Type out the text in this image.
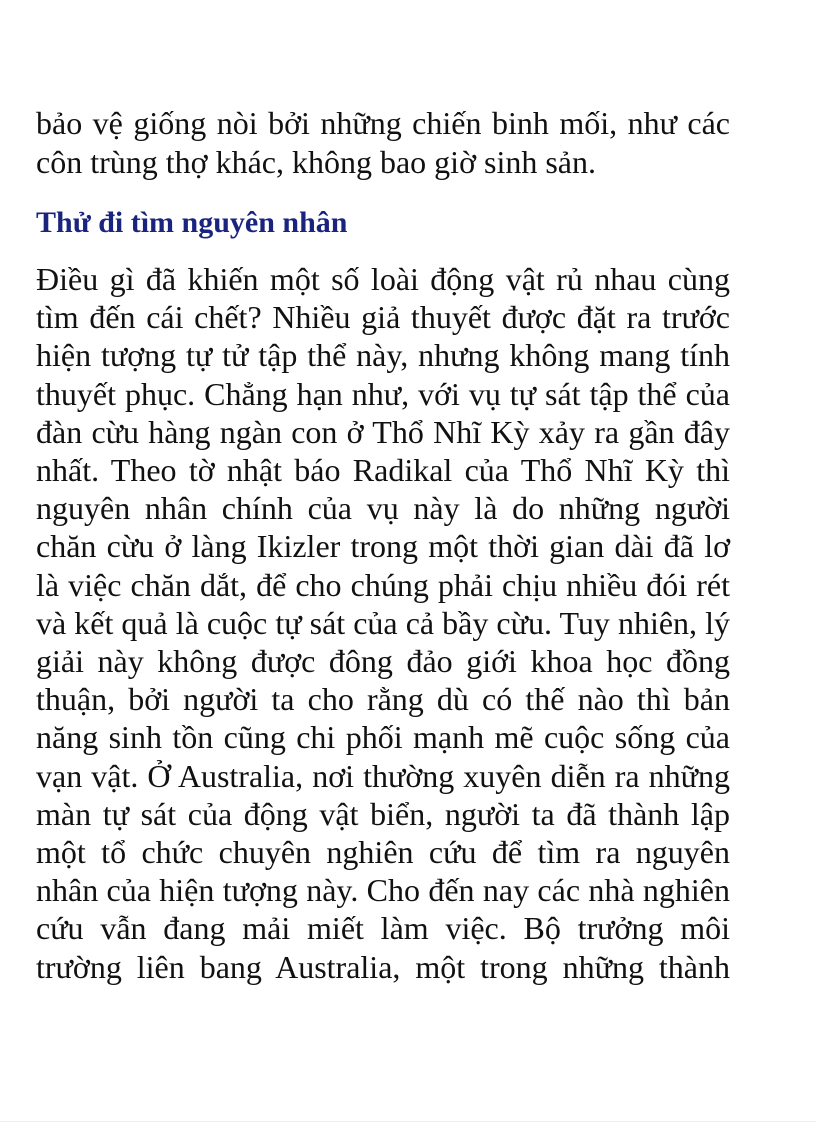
bảo vệ giống nòi bởi những chiến binh mối, như các
côn trùng thợ khác, không bao giờ sinh sản.

Thử đi tìm nguyên nhân

Điều gì đã khiến một số loài động vật rủ nhau cùng
tìm đến cái chết? Nhiều giả thuyết được đặt ra trước
hiện tượng tự tử tập thể này, nhưng không mang tính
thuyết phục. Chẳng hạn như, với vụ tự sát tập thể của
đàn cừu hàng ngàn con ở Thổ Nhĩ Kỳ xảy ra gần đây
nhất. Theo tờ nhật báo Radikal của Thổ Nhĩ Kỳ thì
nguyên nhân chính của vụ này là do những người
chăn cừu ở làng Ikizler trong một thời gian dài đã lơ
là việc chăn dắt, để cho chúng phải chịu nhiều đói rét
và kết quả là cuộc tự sát của cả bầy cừu. Tuy nhiên, lý
giải này không được đông đảo giới khoa học đồng
thuận, bởi người ta cho rằng dù có thế nào thì bản
năng sinh tồn cũng chi phối mạnh mẽ cuộc sống của
vạn vật. Ở Australia, nơi thường xuyên diễn ra những
màn tự sát của động vật biển, người ta đã thành lập
một tổ chức chuyên nghiên cứu để tìm ra nguyên
nhân của hiện tượng này. Cho đến nay các nhà nghiên
cứu vẫn đang mải miết làm việc. Bộ trưởng môi
trường liên bang Australia, một trong những thành
